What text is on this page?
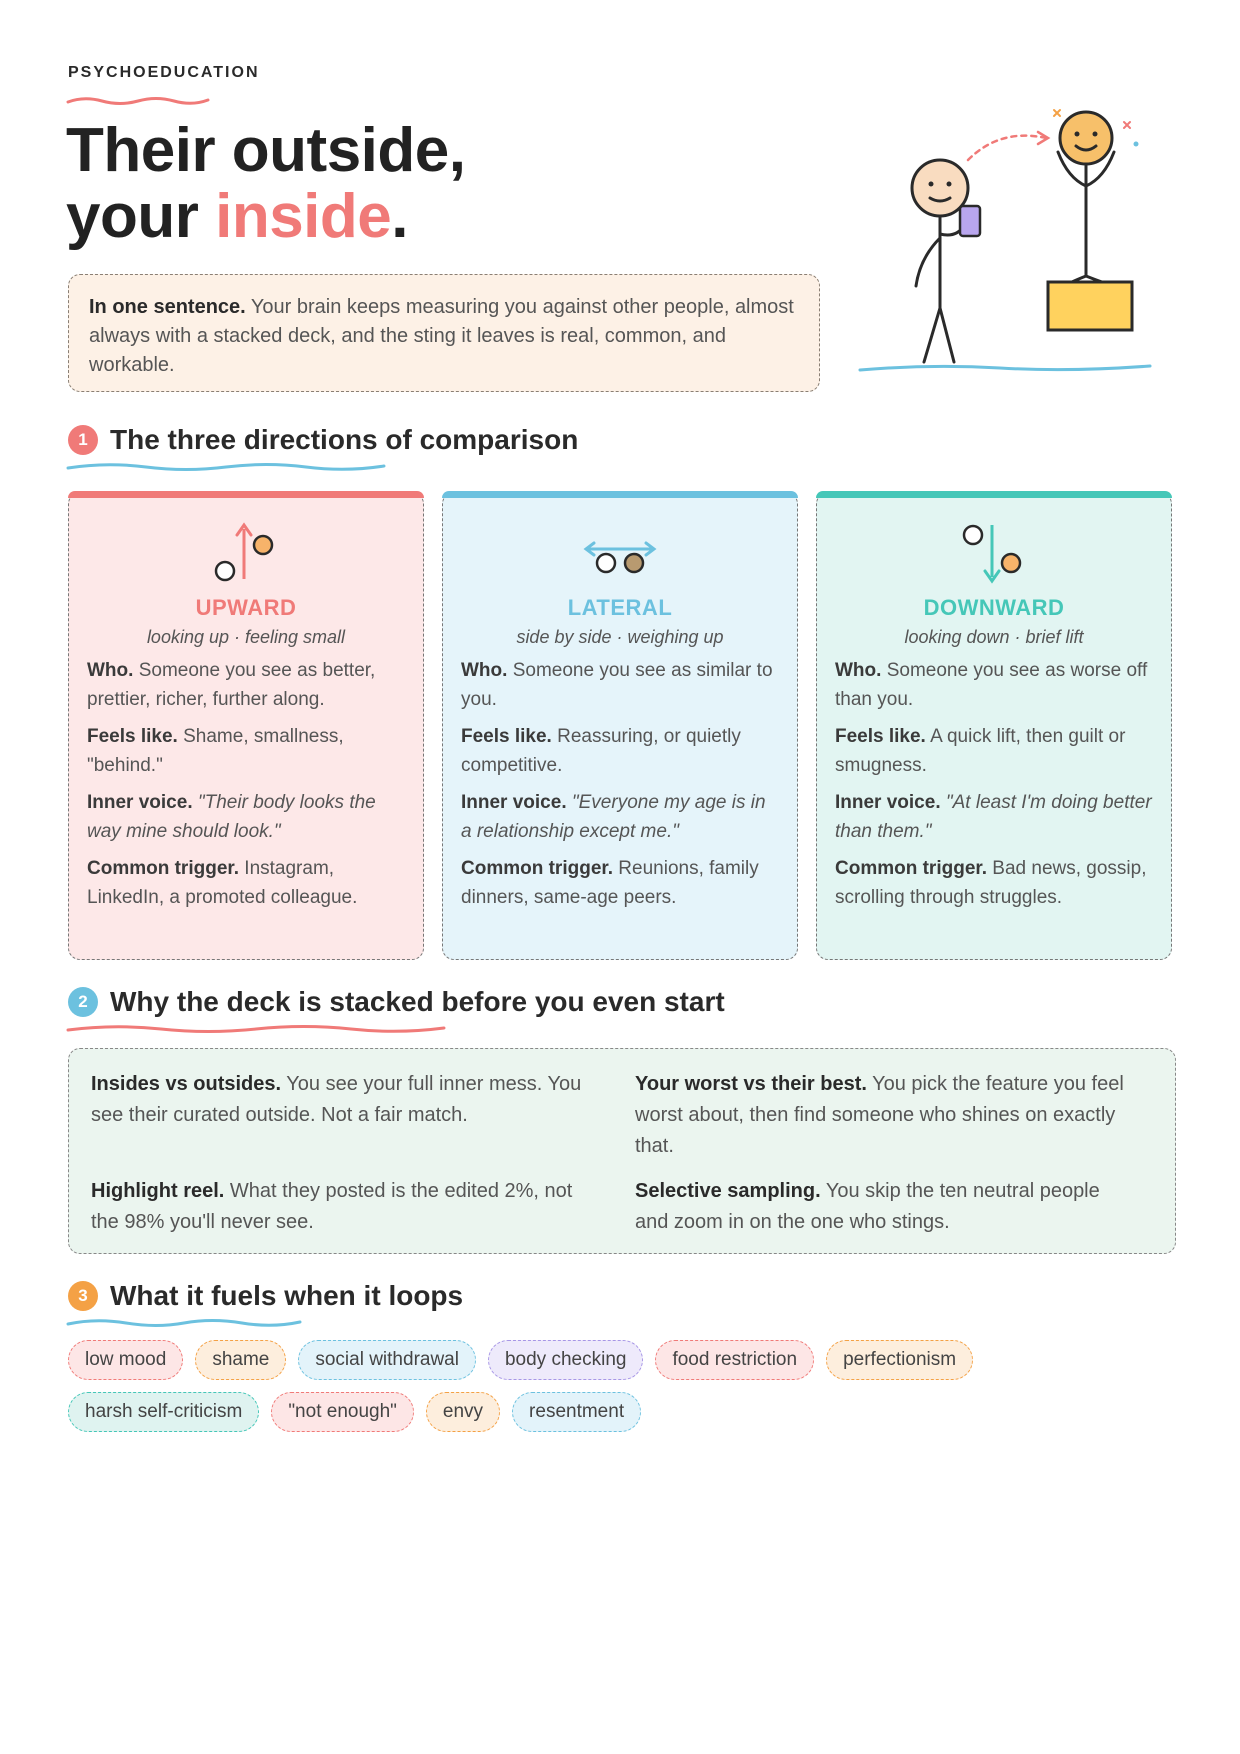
PSYCHOEDUCATION
Their outside,
your inside.
In one sentence. Your brain keeps measuring you against other people, almost always with a stacked deck, and the sting it leaves is real, common, and workable.
1 The three directions of comparison
UPWARD
looking up · feeling small

Who. Someone you see as better, prettier, richer, further along.

Feels like. Shame, smallness, "behind."

Inner voice. "Their body looks the way mine should look."

Common trigger. Instagram, LinkedIn, a promoted colleague.

LATERAL
side by side · weighing up

Who. Someone you see as similar to you.

Feels like. Reassuring, or quietly competitive.

Inner voice. "Everyone my age is in a relationship except me."

Common trigger. Reunions, family dinners, same-age peers.

DOWNWARD
looking down · brief lift

Who. Someone you see as worse off than you.

Feels like. A quick lift, then guilt or smugness.

Inner voice. "At least I'm doing better than them."

Common trigger. Bad news, gossip, scrolling through struggles.

2 Why the deck is stacked before you even start
Insides vs outsides. You see your full inner mess. You see their curated outside. Not a fair match.
Your worst vs their best. You pick the feature you feel worst about, then find someone who shines on exactly that.
Highlight reel. What they posted is the edited 2%, not the 98% you'll never see.
Selective sampling. You skip the ten neutral people and zoom in on the one who stings.
3 What it fuels when it loops
low mood	shame	social withdrawal	body checking	food restriction	perfectionism
harsh self-criticism	"not enough"	envy	resentment
